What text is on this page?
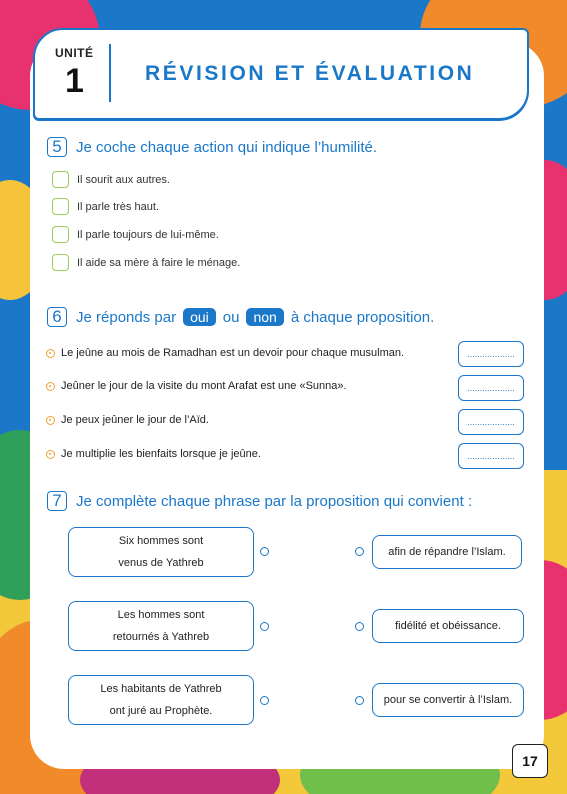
UNITÉ
1	RÉVISION ET ÉVALUATION
5 Je coche chaque action qui indique l’humilité.
Il sourit aux autres.
Il parle très haut.
Il parle toujours de lui-même.
Il aide sa mère à faire le ménage.
6 Je réponds par	oui ou	non à chaque proposition.
Le jeûne au mois de Ramadhan est un devoir pour chaque musulman.	...................
Jeûner le jour de la visite du mont Arafat est une «Sunna».	...................
Je peux jeûner le jour de l’Aïd.	...................
Je multiplie les bienfaits lorsque je jeûne.	...................
7 Je complète chaque phrase par la proposition qui convient :
Six hommes sont
venus de Yathreb
afin de répandre l’Islam.
Les hommes sont
retournés à Yathreb
fidélité et obéissance.
Les habitants de Yathreb
ont juré au Prophète.
pour se convertir à l’Islam.
17
